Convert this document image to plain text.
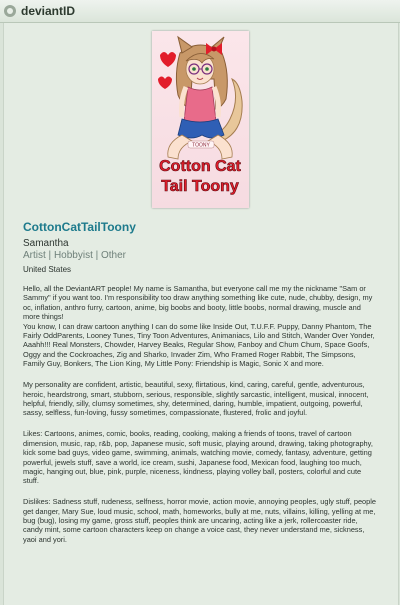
deviantID
TOONY
Cotton Cat
Tail Toony
CottonCatTailToony
Samantha
Artist | Hobbyist | Other
United States

Hello, all the DeviantART people! My name is Samantha, but everyone call me my the nickname "Sam or Sammy" if you want too. I'm responsibility too draw anything something like cute, nude, chubby, design, my oc, inflation, anthro furry, cartoon, anime, big boobs and booty, little boobs, normal drawing, muscle and more things!
You know, I can draw cartoon anything I can do some like Inside Out, T.U.F.F. Puppy, Danny Phantom, The Fairly OddParents, Looney Tunes, Tiny Toon Adventures, Animaniacs, Lilo and Stitch, Wander Over Yonder, Aaahh!!! Real Monsters, Chowder, Harvey Beaks, Regular Show, Fanboy and Chum Chum, Space Goofs, Oggy and the Cockroaches, Zig and Sharko, Invader Zim, Who Framed Roger Rabbit, The Simpsons, Family Guy, Bonkers, The Lion King, My Little Pony: Friendship is Magic, Sonic X and more.

My personality are confident, artistic, beautiful, sexy, flirtatious, kind, caring, careful, gentle, adventurous, heroic, heardstrong, smart, stubborn, serious, responsible, slightly sarcastic, intelligent, musical, innocent, helpful, friendly, silly, clumsy sometimes, shy, determined, daring, humble, impatient, outgoing, powerful, sassy, selfless, fun-loving, fussy sometimes, compassionate, flustered, frolic and joyful.

Likes: Cartoons, animes, comic, books, reading, cooking, making a friends of toons, travel of cartoon dimension, music, rap, r&b, pop, Japanese music, soft music, playing around, drawing, taking photography, kick some bad guys, video game, swimming, animals, watching movie, comedy, fantasy, adventure, getting powerful, jewels stuff, save a world, ice cream, sushi, Japanese food, Mexican food, laughing too much, magic, hanging out, blue, pink, purple, niceness, kindness, playing volley ball, posters, colorful and cute stuff.

Dislikes: Sadness stuff, rudeness, selfness, horror movie, action movie, annoying peoples, ugly stuff, people get danger, Mary Sue, loud music, school, math, homeworks, bully at me, nuts, villains, killing, yelling at me, bug (bug), losing my game, gross stuff, peoples think are uncaring, acting like a jerk, rollercoaster ride, candy mint, some cartoon characters keep on change a voice cast, they never understand me, sickness, yaoi and yori.
